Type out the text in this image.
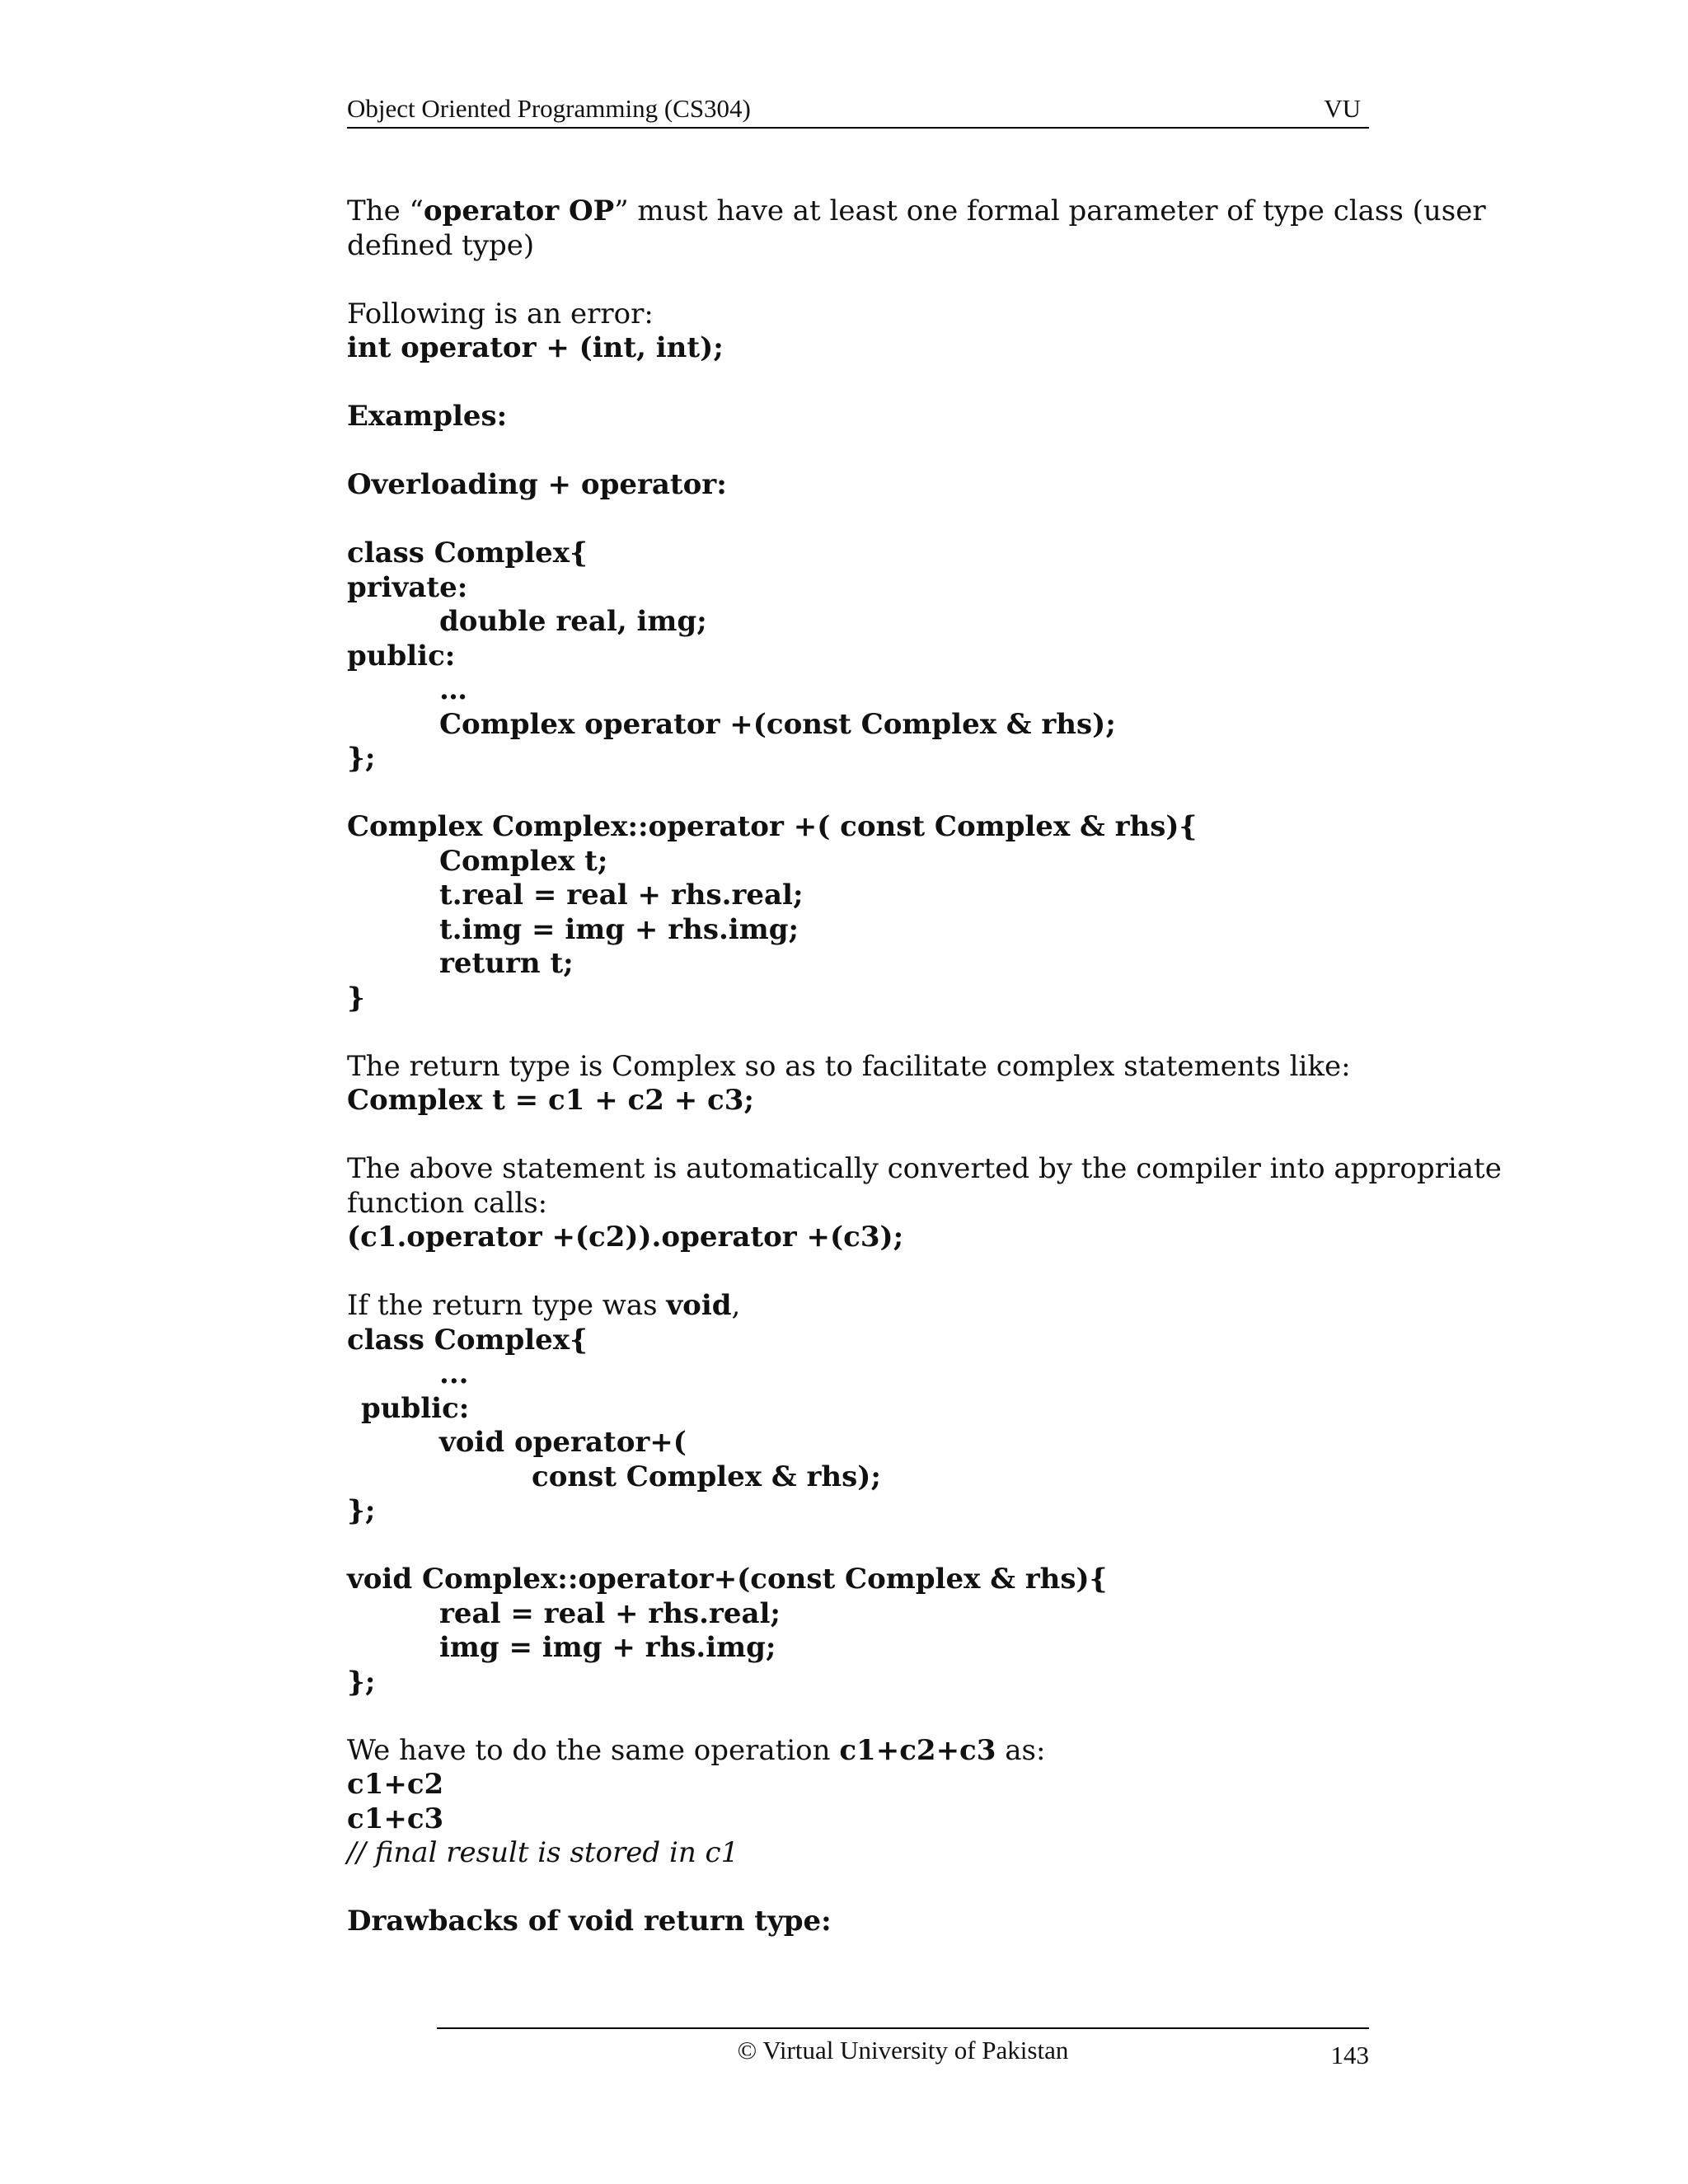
Object Oriented Programming (CS304)	VU
The “operator OP” must have at least one formal parameter of type class (user
defined type)
Following is an error:
int operator + (int, int);
Examples:
Overloading + operator:
class Complex{
private:
double real, img;
public:
…
Complex operator +(const Complex & rhs);
};
Complex Complex::operator +( const Complex & rhs){
Complex t;
t.real = real + rhs.real;
t.img = img + rhs.img;
return t;
}
The return type is Complex so as to facilitate complex statements like:
Complex t = c1 + c2 + c3;
The above statement is automatically converted by the compiler into appropriate
function calls:
(c1.operator +(c2)).operator +(c3);
If the return type was void,
class Complex{
...
public:
void operator+(
const Complex & rhs);
};
void Complex::operator+(const Complex & rhs){
real = real + rhs.real;
img = img + rhs.img;
};
We have to do the same operation c1+c2+c3 as:
c1+c2
c1+c3
// final result is stored in c1
Drawbacks of void return type:
© Virtual University of Pakistan	143
